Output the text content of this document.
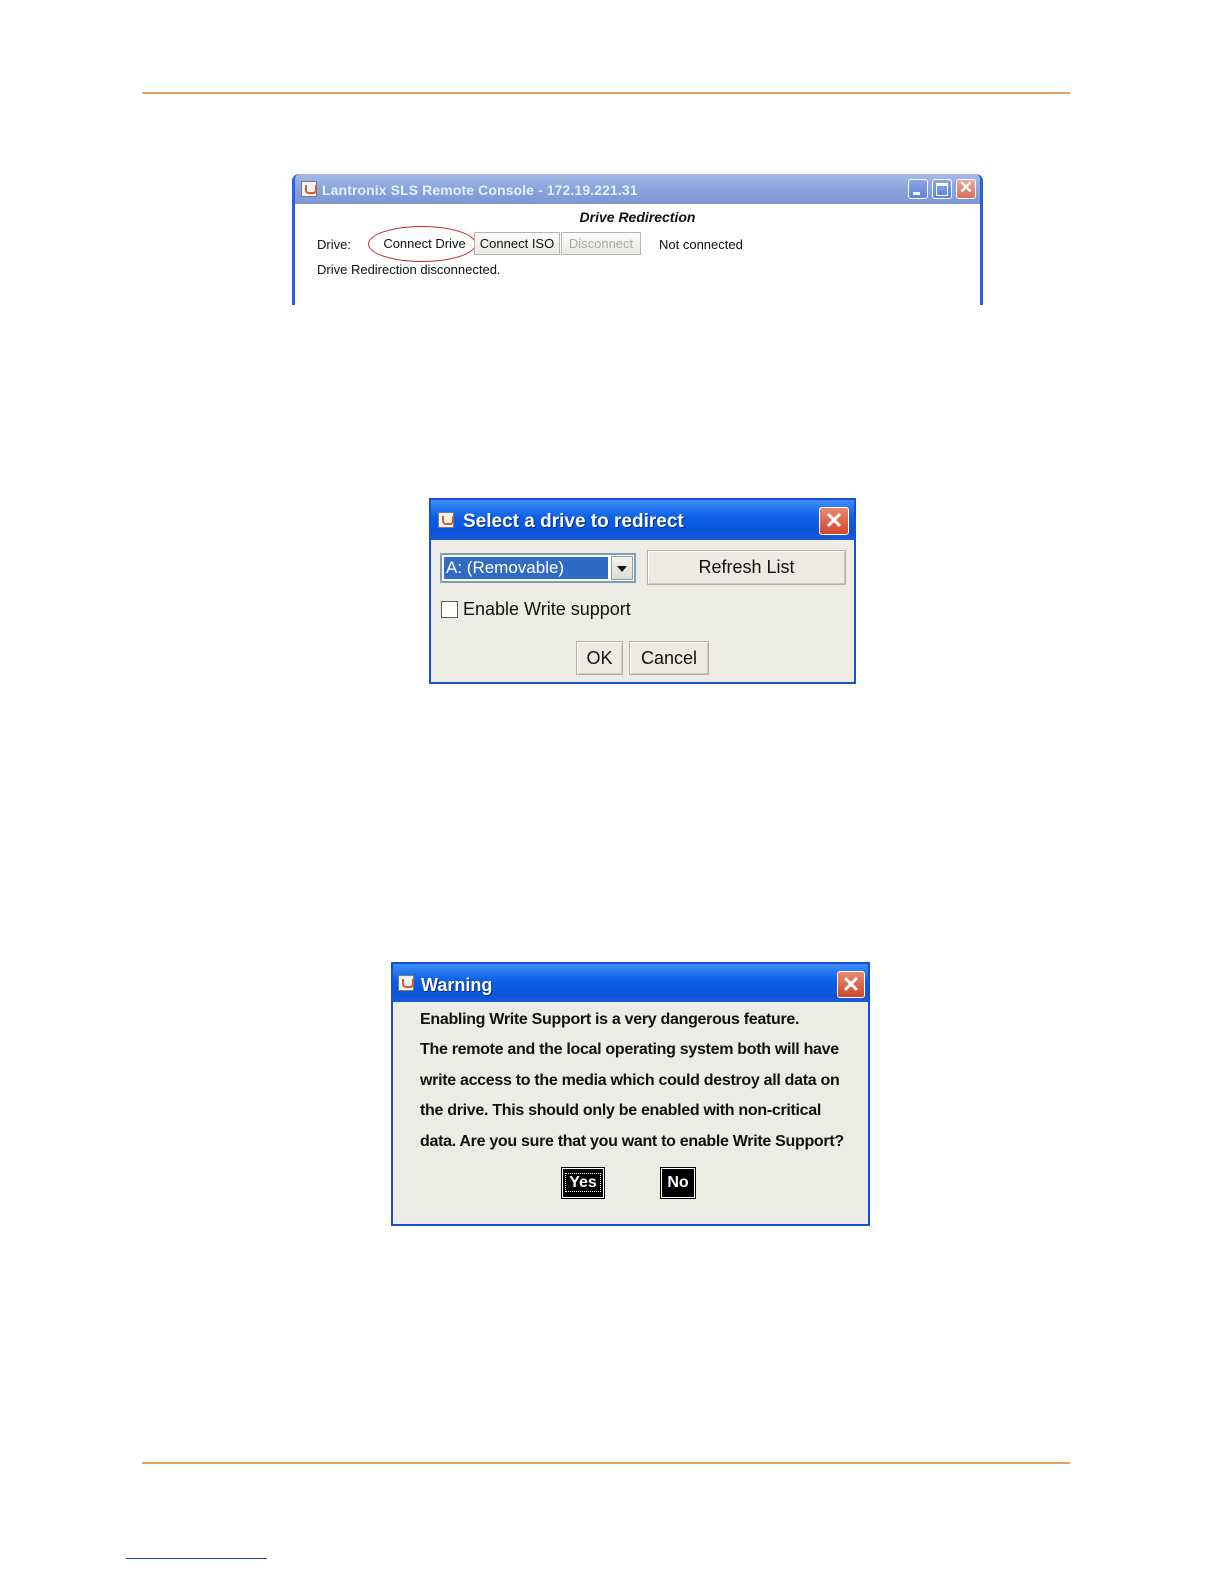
Lantronix SLS Remote Console - 172.19.221.31	✕
Drive Redirection
Drive:	Connect Drive	Connect ISO	Disconnect	Not connected
Drive Redirection disconnected.
Select a drive to redirect	✕
A: (Removable)	Refresh List
Enable Write support
OK	Cancel
Warning	✕
Enabling Write Support is a very dangerous feature.
The remote and the local operating system both will have
write access to the media which could destroy all data on
the drive. This should only be enabled with non-critical
data. Are you sure that you want to enable Write Support?
Yes	No
